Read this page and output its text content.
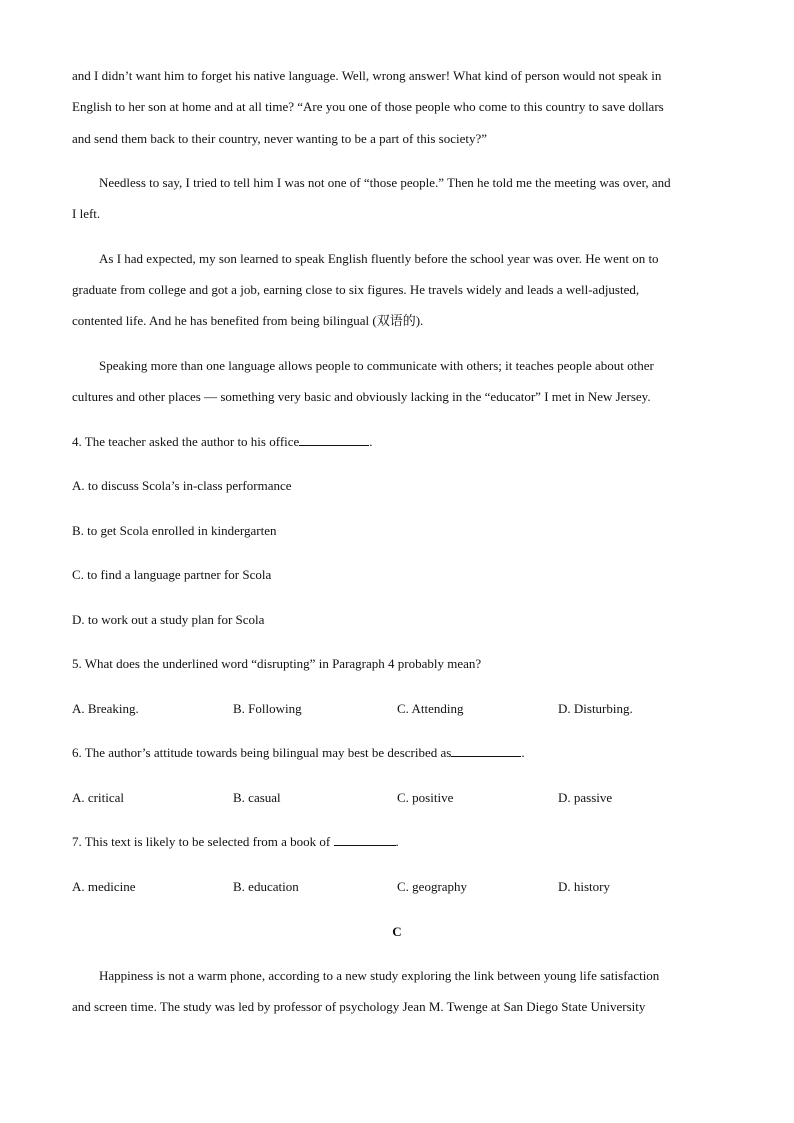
and I didn’t want him to forget his native language. Well, wrong answer! What kind of person would not speak in
English to her son at home and at all time? “Are you one of those people who come to this country to save dollars
and send them back to their country, never wanting to be a part of this society?”
Needless to say, I tried to tell him I was not one of “those people.” Then he told me the meeting was over, and
I left.
As I had expected, my son learned to speak English fluently before the school year was over. He went on to
graduate from college and got a job, earning close to six figures. He travels widely and leads a well-adjusted,
contented life. And he has benefited from being bilingual (双语的).
Speaking more than one language allows people to communicate with others; it teaches people about other
cultures and other places — something very basic and obviously lacking in the “educator” I met in New Jersey.
4. The teacher asked the author to his office	.
A. to discuss Scola’s in-class performance
B. to get Scola enrolled in kindergarten
C. to find a language partner for Scola
D. to work out a study plan for Scola
5. What does the underlined word “disrupting” in Paragraph 4 probably mean?
A. Breaking.	B. Following	C. Attending	D. Disturbing.
6. The author’s attitude towards being bilingual may best be described as	.
A. critical	B. casual	C. positive	D. passive
7. This text is likely to be selected from a book of	.
A. medicine	B. education	C. geography	D. history
C
Happiness is not a warm phone, according to a new study exploring the link between young life satisfaction
and screen time. The study was led by professor of psychology Jean M. Twenge at San Diego State University
